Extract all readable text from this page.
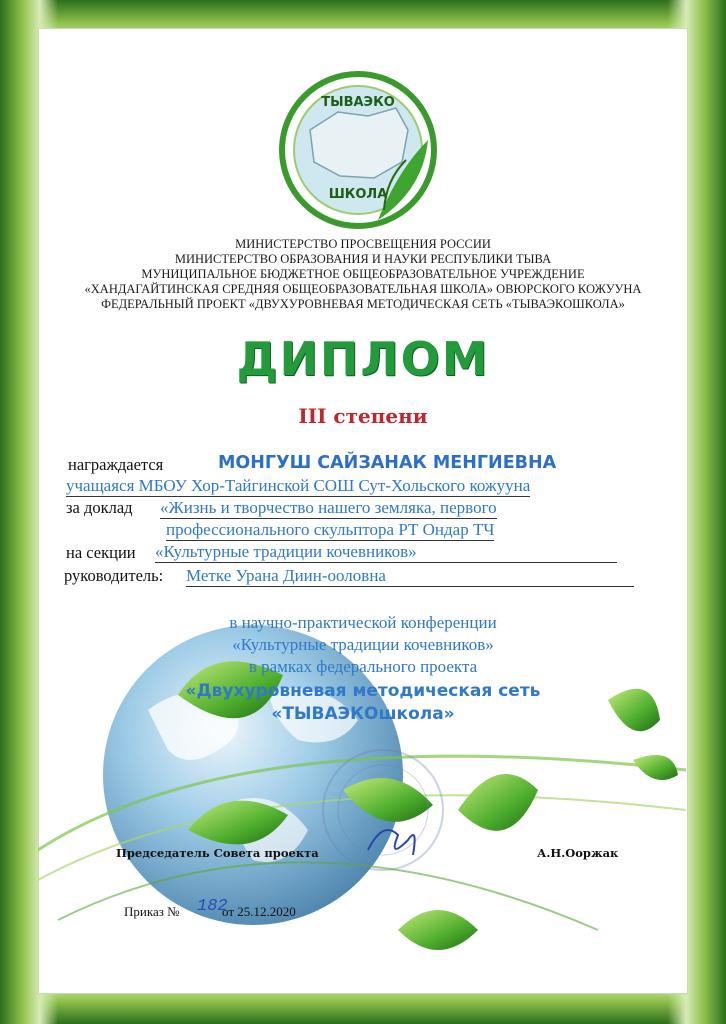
ТЫВАЭКО
ШКОЛА
МИНИСТЕРСТВО ПРОСВЕЩЕНИЯ РОССИИ
МИНИСТЕРСТВО ОБРАЗОВАНИЯ И НАУКИ РЕСПУБЛИКИ ТЫВА
МУНИЦИПАЛЬНОЕ БЮДЖЕТНОЕ ОБЩЕОБРАЗОВАТЕЛЬНОЕ УЧРЕЖДЕНИЕ
«ХАНДАГАЙТИНСКАЯ СРЕДНЯЯ ОБЩЕОБРАЗОВАТЕЛЬНАЯ ШКОЛА» ОВЮРСКОГО КОЖУУНА
ФЕДЕРАЛЬНЫЙ ПРОЕКТ «ДВУХУРОВНЕВАЯ МЕТОДИЧЕСКАЯ СЕТЬ «ТЫВАЭКОШКОЛА»
ДИПЛОМ
III степени
награждается	МОНГУШ САЙЗАНАК МЕНГИЕВНА
учащаяся МБОУ Хор-Тайгинской СОШ Сут-Хольского кожууна
за доклад «Жизнь и творчество нашего земляка, первого
профессионального скульптора РТ Ондар ТЧ
на секции «Культурные традиции кочевников»
руководитель: Метке Урана Диин-ооловна
в научно-практической конференции
«Культурные традиции кочевников»
в рамках федерального проекта
«Двухуровневая методическая сеть
«ТЫВАЭКОшкола»
Председатель Совета проекта	А.Н.Ооржак
Приказ № 182
от 25.12.2020
